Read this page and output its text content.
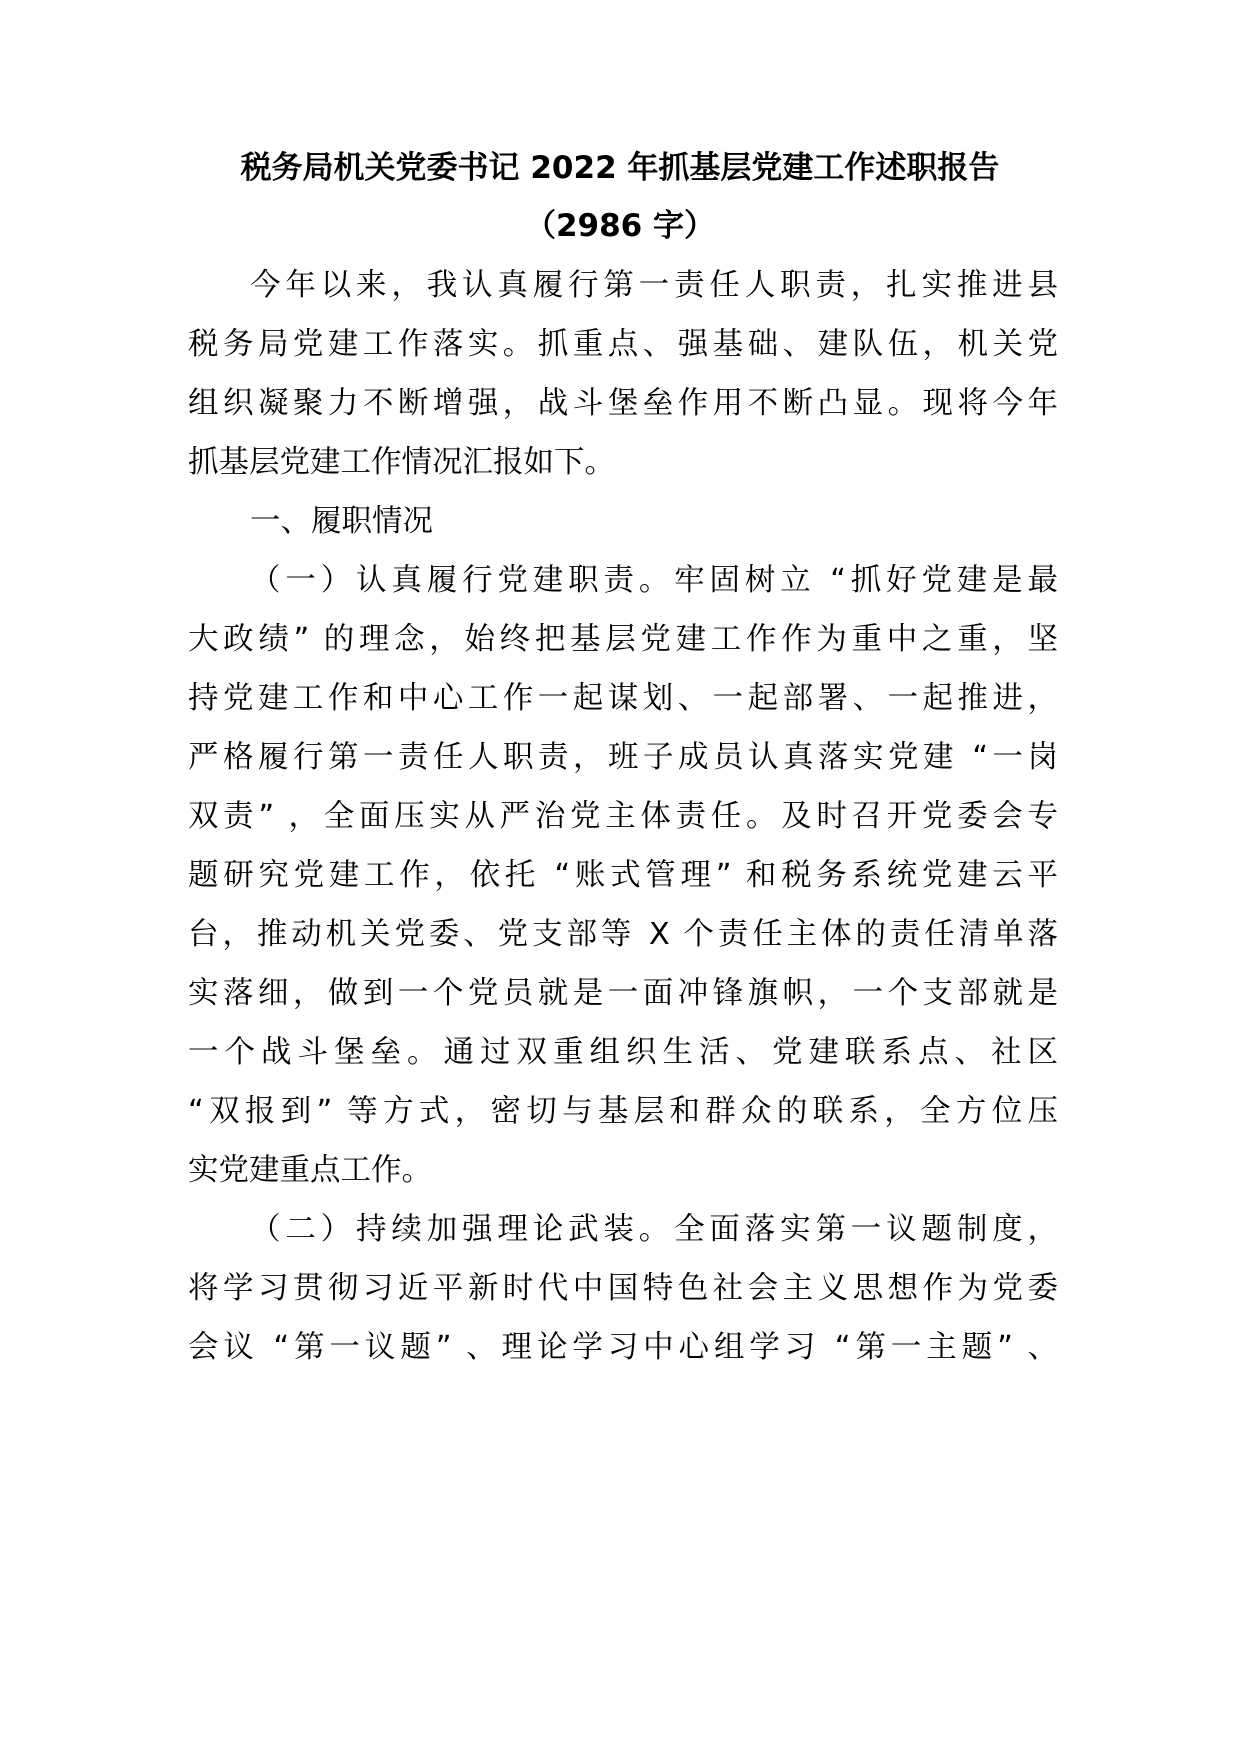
税务局机关党委书记 2022 年抓基层党建工作述职报告
（2986 字）
今年以来，我认真履行第一责任人职责，扎实推进县
税务局党建工作落实。抓重点、强基础、建队伍，机关党
组织凝聚力不断增强，战斗堡垒作用不断凸显。现将今年
抓基层党建工作情况汇报如下。
一、履职情况
（一）认真履行党建职责。牢固树立 “抓好党建是最
大政绩” 的理念，始终把基层党建工作作为重中之重，坚
持党建工作和中心工作一起谋划、一起部署、一起推进，
严格履行第一责任人职责，班子成员认真落实党建 “一岗
双责” ，全面压实从严治党主体责任。及时召开党委会专
题研究党建工作，依托 “账式管理” 和税务系统党建云平
台，推动机关党委、党支部等 X 个责任主体的责任清单落
实落细，做到一个党员就是一面冲锋旗帜，一个支部就是
一个战斗堡垒。通过双重组织生活、党建联系点、社区
“双报到” 等方式，密切与基层和群众的联系，全方位压
实党建重点工作。
（二）持续加强理论武装。全面落实第一议题制度，
将学习贯彻习近平新时代中国特色社会主义思想作为党委
会议 “第一议题” 、理论学习中心组学习 “第一主题” 、
